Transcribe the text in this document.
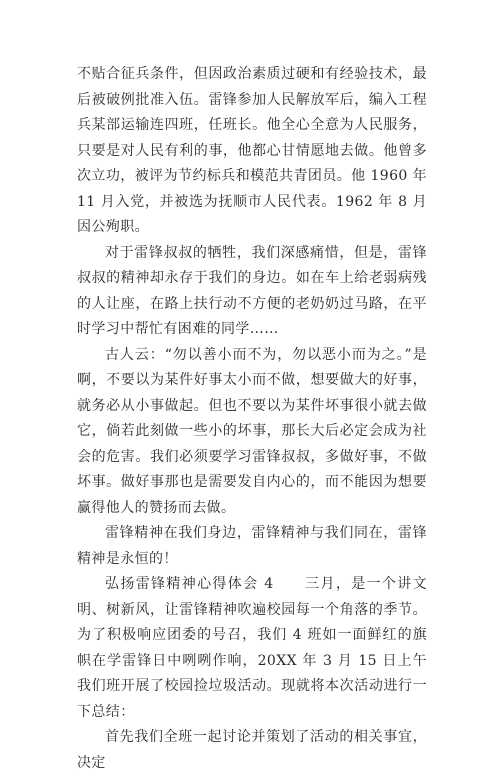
不贴合征兵条件，但因政治素质过硬和有经验技术，最后被破例批准入伍。雷锋参加人民解放军后，编入工程兵某部运输连四班，任班长。他全心全意为人民服务，只要是对人民有利的事，他都心甘情愿地去做。他曾多次立功，被评为节约标兵和模范共青团员。他 1960 年 11 月入党，并被选为抚顺市人民代表。1962 年 8 月因公殉职。

对于雷锋叔叔的牺牲，我们深感痛惜，但是，雷锋叔叔的精神却永存于我们的身边。如在车上给老弱病残的人让座，在路上扶行动不方便的老奶奶过马路，在平时学习中帮忙有困难的同学……

古人云：“勿以善小而不为，勿以恶小而为之。”是啊，不要以为某件好事太小而不做，想要做大的好事，就务必从小事做起。但也不要以为某件坏事很小就去做它，倘若此刻做一些小的坏事，那长大后必定会成为社会的危害。我们必须要学习雷锋叔叔，多做好事，不做坏事。做好事那也是需要发自内心的，而不能因为想要赢得他人的赞扬而去做。

雷锋精神在我们身边，雷锋精神与我们同在，雷锋精神是永恒的！

弘扬雷锋精神心得体会 4　　三月，是一个讲文明、树新风，让雷锋精神吹遍校园每一个角落的季节。为了积极响应团委的号召，我们 4 班如一面鲜红的旗帜在学雷锋日中咧咧作响，20XX 年 3 月 15 日上午我们班开展了校园捡垃圾活动。现就将本次活动进行一下总结：

首先我们全班一起讨论并策划了活动的相关事宜，决定
